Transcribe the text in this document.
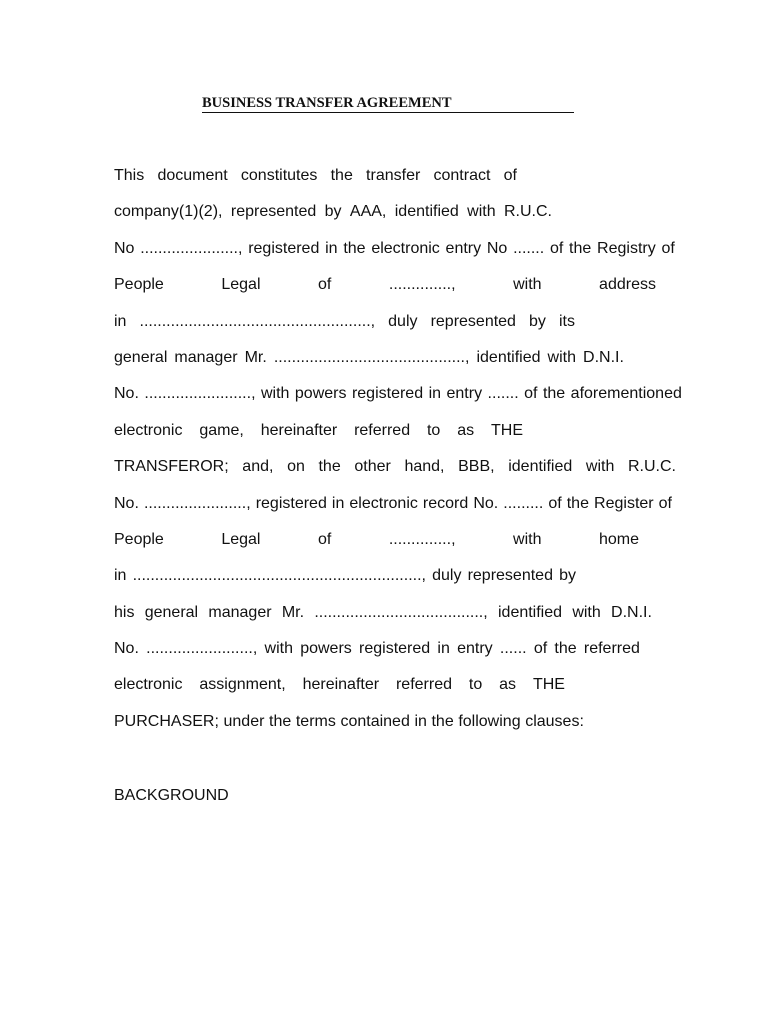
BUSINESS TRANSFER AGREEMENT
This document constitutes the transfer contract of
company(1)(2), represented by AAA, identified with R.U.C.
No ......................, registered in the electronic entry No ....... of the Registry of
People	Legal	of	..............,	with	address
in ...................................................., duly represented by its
general manager Mr. ..........................................., identified with D.N.I.
No. ........................, with powers registered in entry ....... of the aforementioned
electronic game, hereinafter referred to as THE
TRANSFEROR; and, on the other hand, BBB, identified with R.U.C.
No. ......................., registered in electronic record No. ......... of the Register of
People	Legal	of	..............,	with	home
in ................................................................., duly represented by
his general manager Mr. ......................................, identified with D.N.I.
No. ........................, with powers registered in entry ...... of the referred
electronic assignment, hereinafter referred to as THE
PURCHASER; under the terms contained in the following clauses:
BACKGROUND
